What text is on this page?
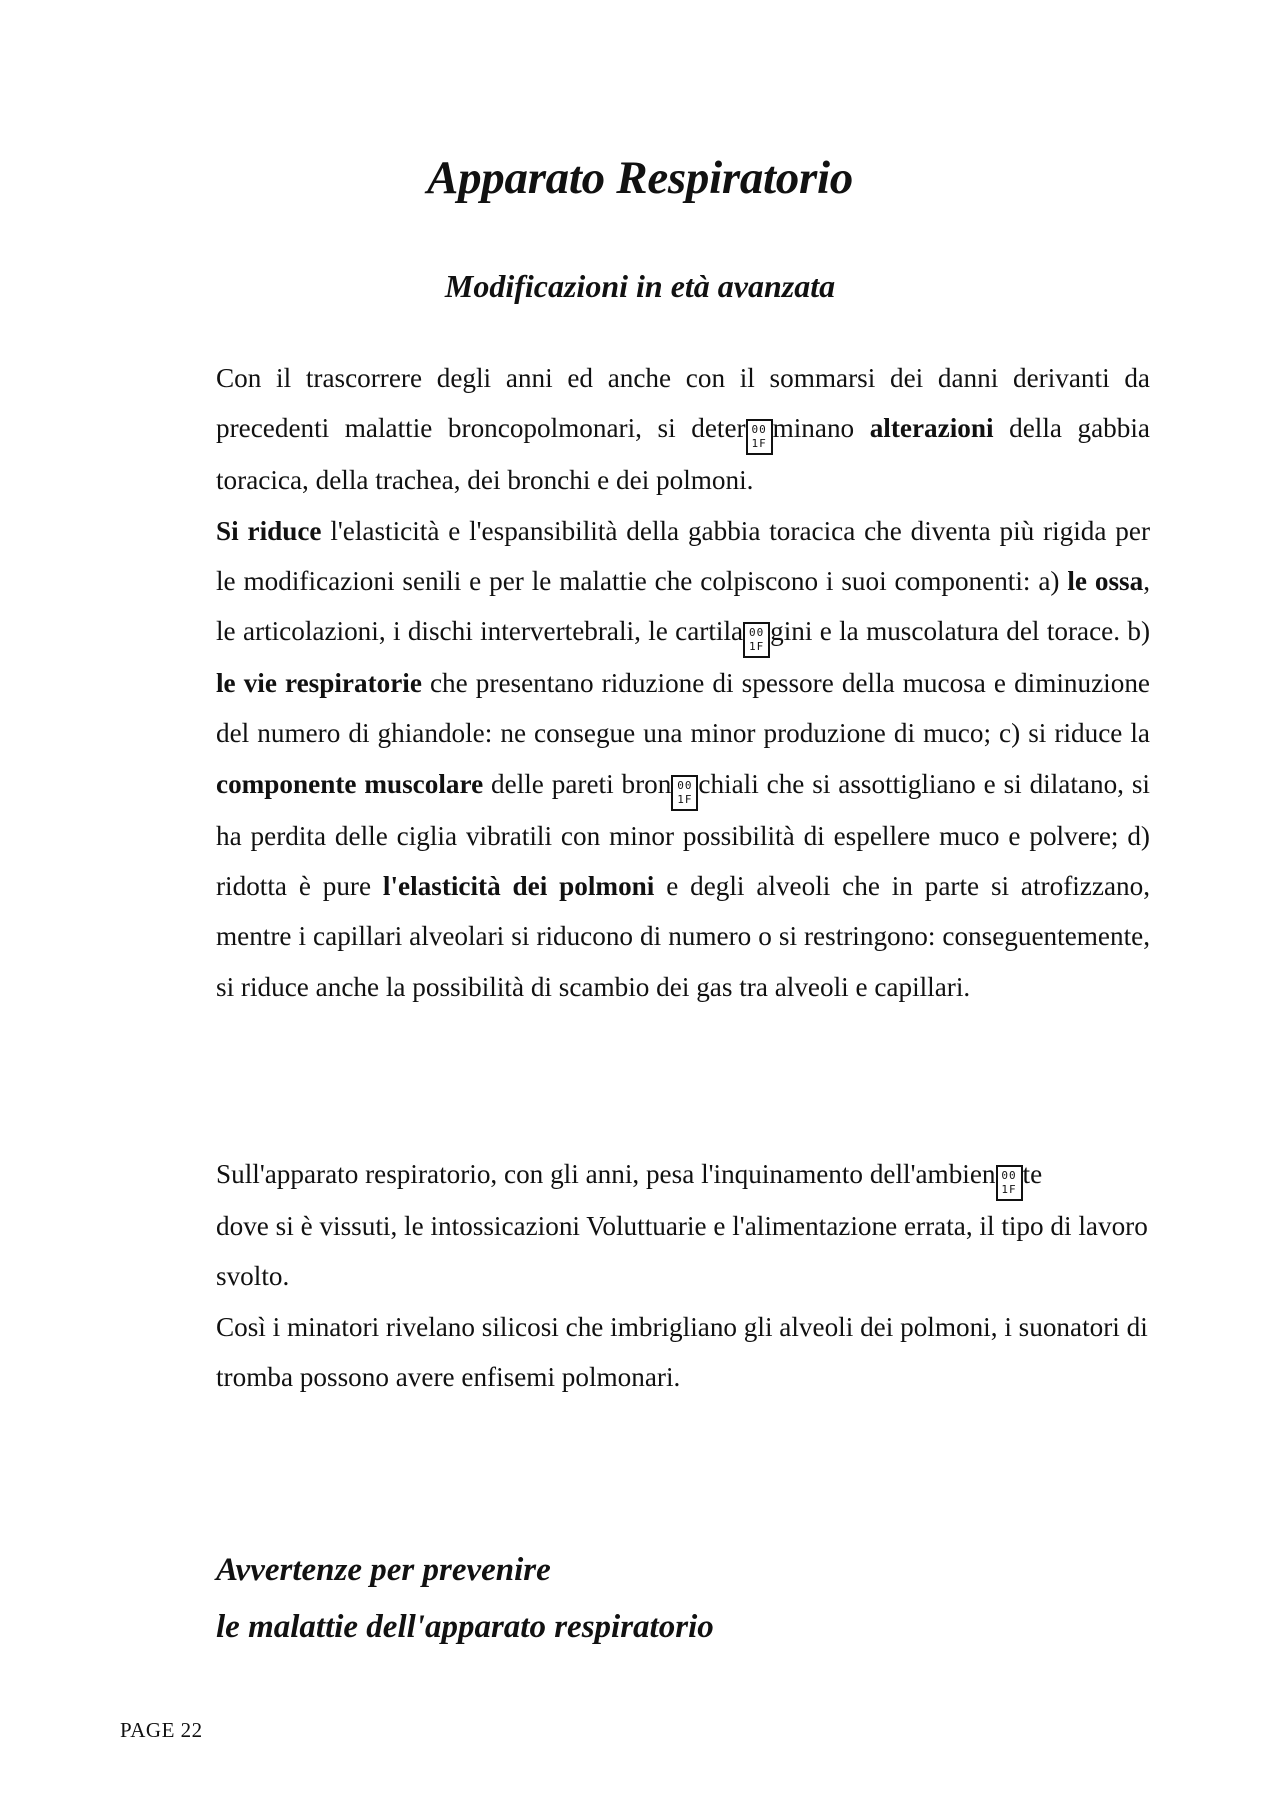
Apparato Respiratorio
Modificazioni in età avanzata

Con il trascorrere degli anni ed anche con il sommarsi dei danni derivanti da precedenti malattie broncopolmonari, si deter 00
1Fminano alterazioni della gabbia toracica, della trachea, dei bronchi e dei polmoni.
Si riduce l'elasticità e l'espansibilità della gabbia toracica che diventa più rigida per le modificazioni senili e per le malattie che colpiscono i suoi componenti: a) le ossa, le articolazioni, i dischi intervertebrali, le cartila 00
1Fgini e la muscolatura del torace. b) le vie respiratorie che presentano riduzione di spessore della mucosa e diminuzione del numero di ghiandole: ne consegue una minor produzione di muco; c) si riduce la componente muscolare delle pareti bron 00
1Fchiali che si assottigliano e si dilatano, si ha perdita delle ciglia vibratili con minor possibilità di espellere muco e polvere; d) ridotta è pure l'elasticità dei polmoni e degli alveoli che in parte si atrofizzano, mentre i capillari alveolari si riducono di numero o si restringono: conseguentemente, si riduce anche la possibilità di scambio dei gas tra alveoli e capillari.

Sull'apparato respiratorio, con gli anni, pesa l'inquinamento dell'ambien 00
1Fte
dove si è vissuti, le intossicazioni Voluttuarie e l'alimentazione errata, il tipo di lavoro svolto.
Così i minatori rivelano silicosi che imbrigliano gli alveoli dei polmoni, i suonatori di tromba possono avere enfisemi polmonari.

Avvertenze per prevenire
le malattie dell'apparato respiratorio
PAGE 22
